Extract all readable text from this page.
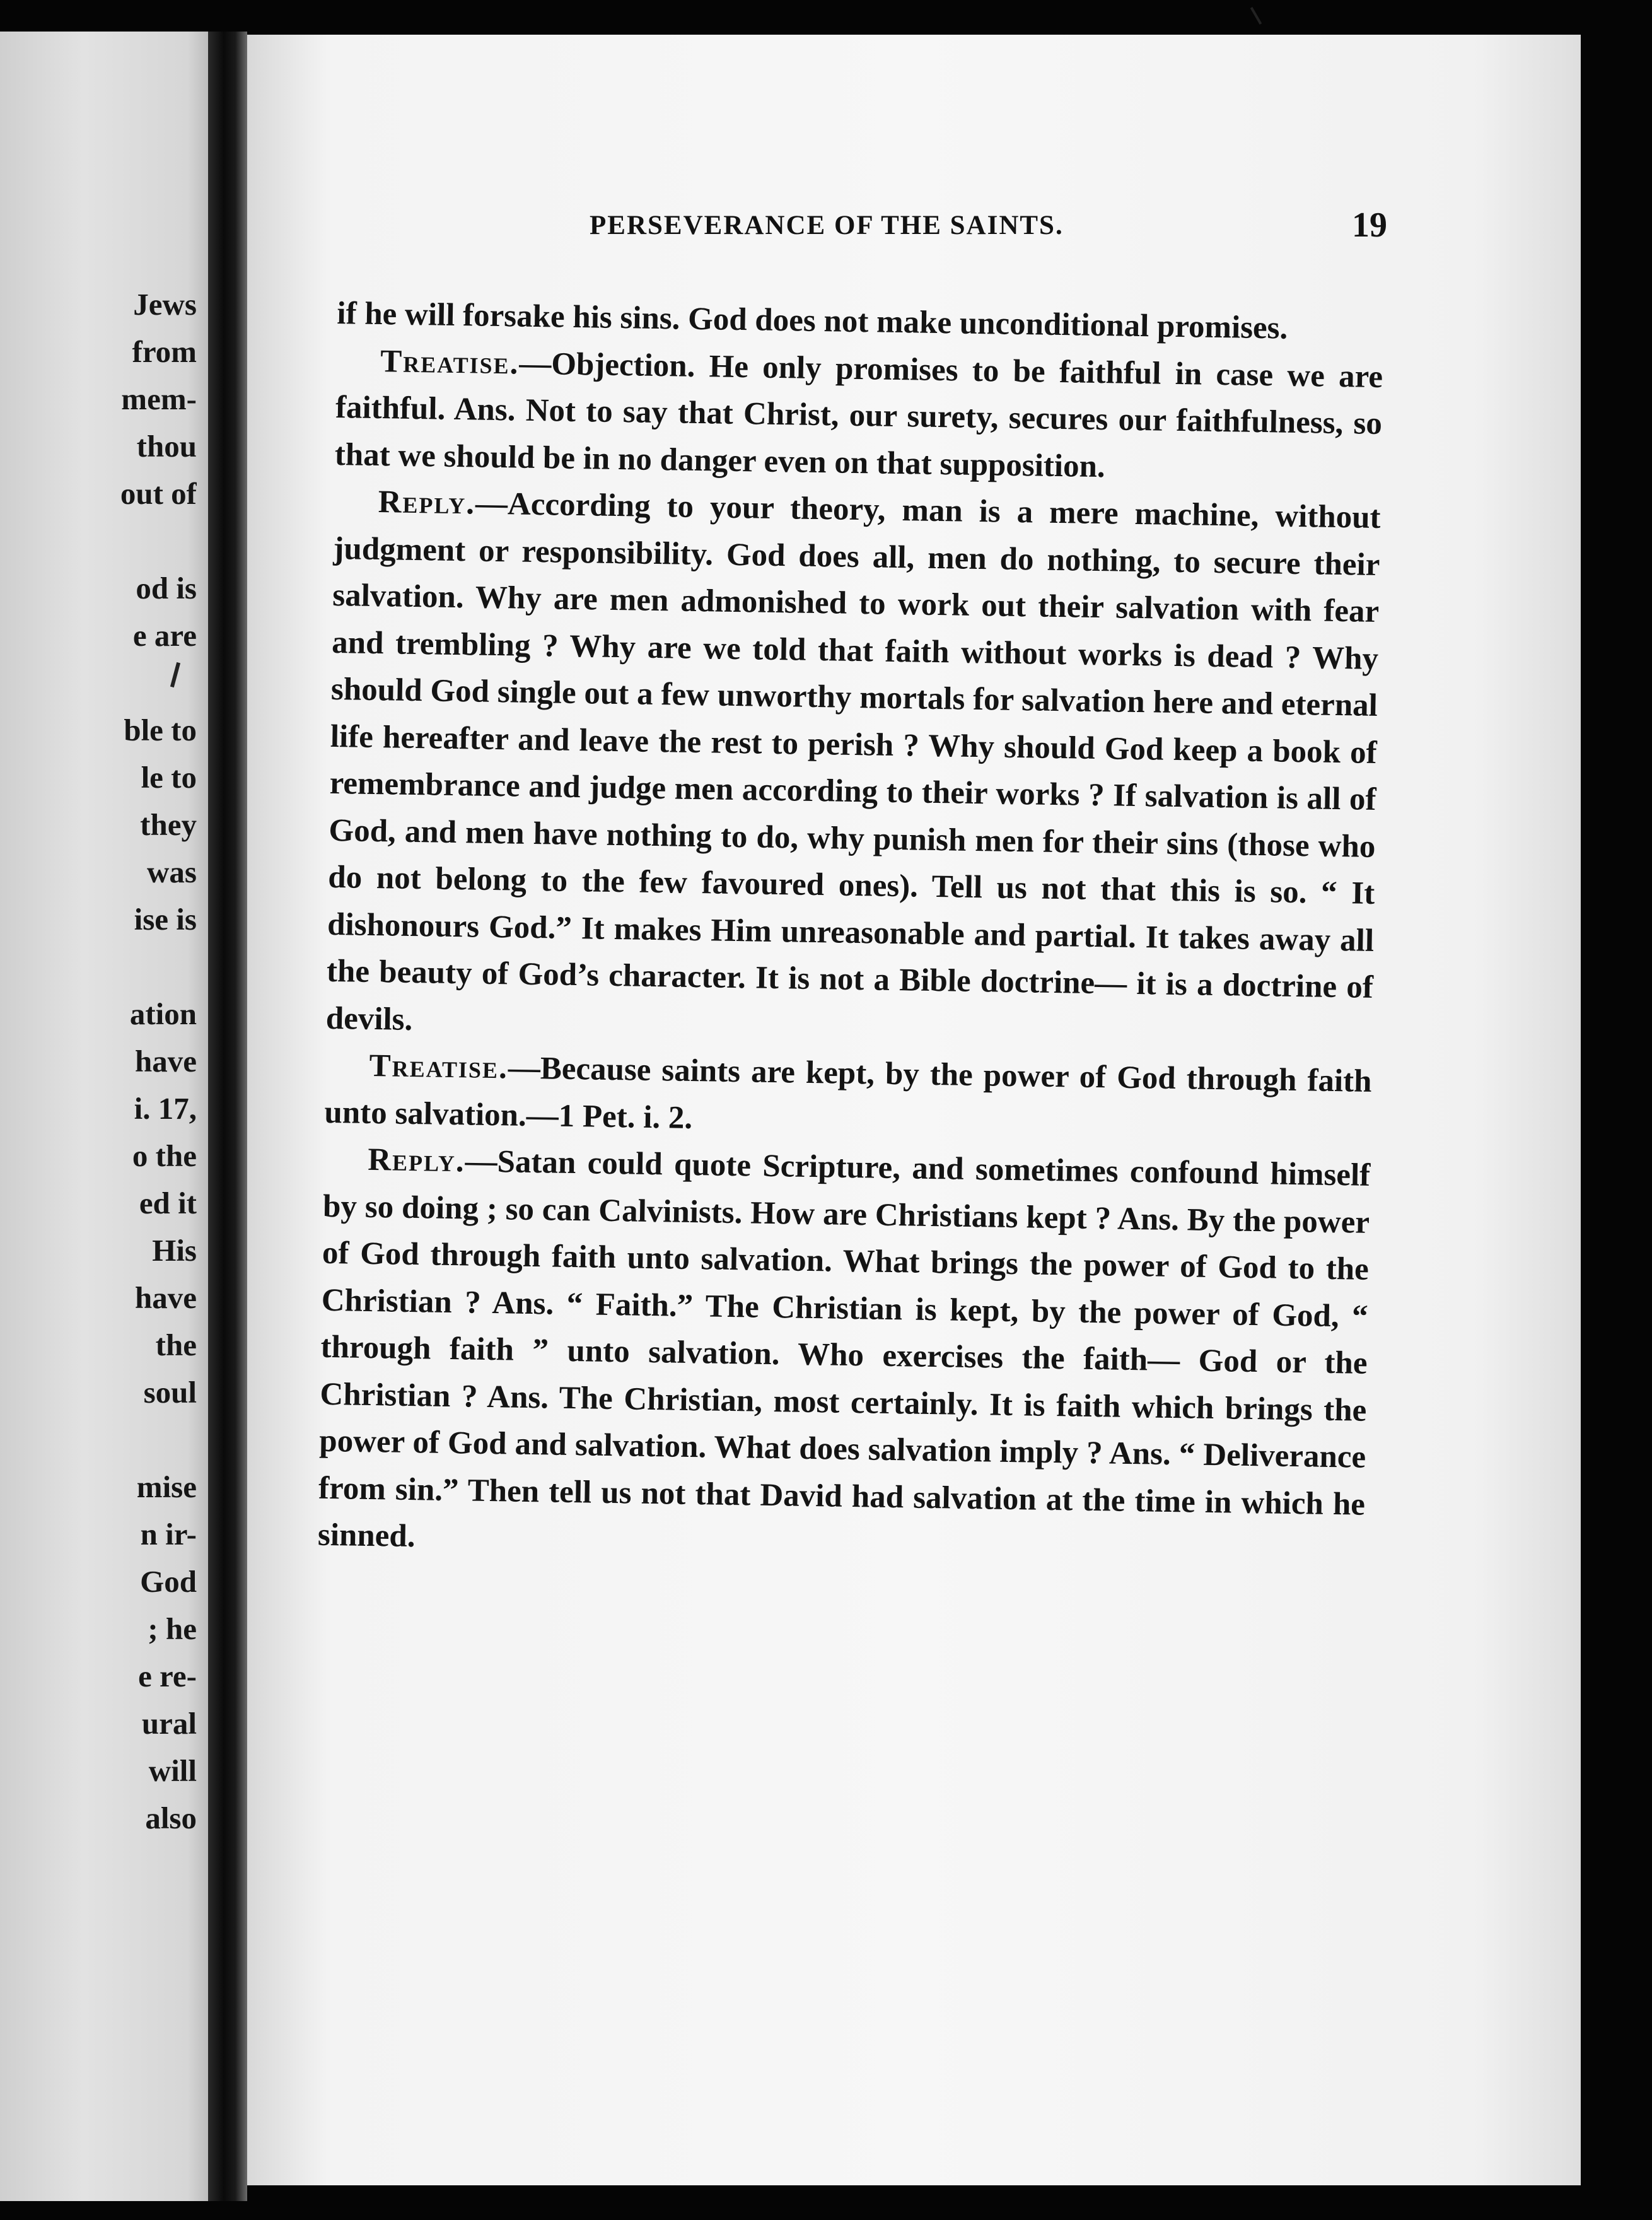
Jews
from
mem-
thou
out of
od is
e are
ble to
le to
they
was
ise is
ation
have
i. 17,
o the
ed it
His
have
the
soul
mise
n ir-
God
; he
e re-
ural
will
also
PERSEVERANCE OF THE SAINTS.	19

if he will forsake his sins. God does not make unconditional promises.

Treatise.—Objection. He only promises to be faithful in case we are faithful. Ans. Not to say that Christ, our surety, secures our faithfulness, so that we should be in no danger even on that supposition.

Reply.—According to your theory, man is a mere machine, without judgment or responsibility. God does all, men do nothing, to secure their salvation. Why are men admonished to work out their salvation with fear and trembling ? Why are we told that faith without works is dead ? Why should God single out a few unworthy mortals for salvation here and eternal life hereafter and leave the rest to perish ? Why should God keep a book of remembrance and judge men according to their works ? If salvation is all of God, and men have nothing to do, why punish men for their sins (those who do not belong to the few favoured ones). Tell us not that this is so. “ It dishonours God.” It makes Him unreasonable and partial. It takes away all the beauty of God’s character. It is not a Bible doctrine— it is a doctrine of devils.

Treatise.—Because saints are kept, by the power of God through faith unto salvation.—1 Pet. i. 2.

Reply.—Satan could quote Scripture, and sometimes confound himself by so doing ; so can Calvinists. How are Christians kept ? Ans. By the power of God through faith unto salvation. What brings the power of God to the Christian ? Ans. “ Faith.” The Christian is kept, by the power of God, “ through faith ” unto salvation. Who exercises the faith— God or the Christian ? Ans. The Christian, most certainly. It is faith which brings the power of God and salvation. What does salvation imply ? Ans. “ Deliverance from sin.” Then tell us not that David had salvation at the time in which he sinned.
